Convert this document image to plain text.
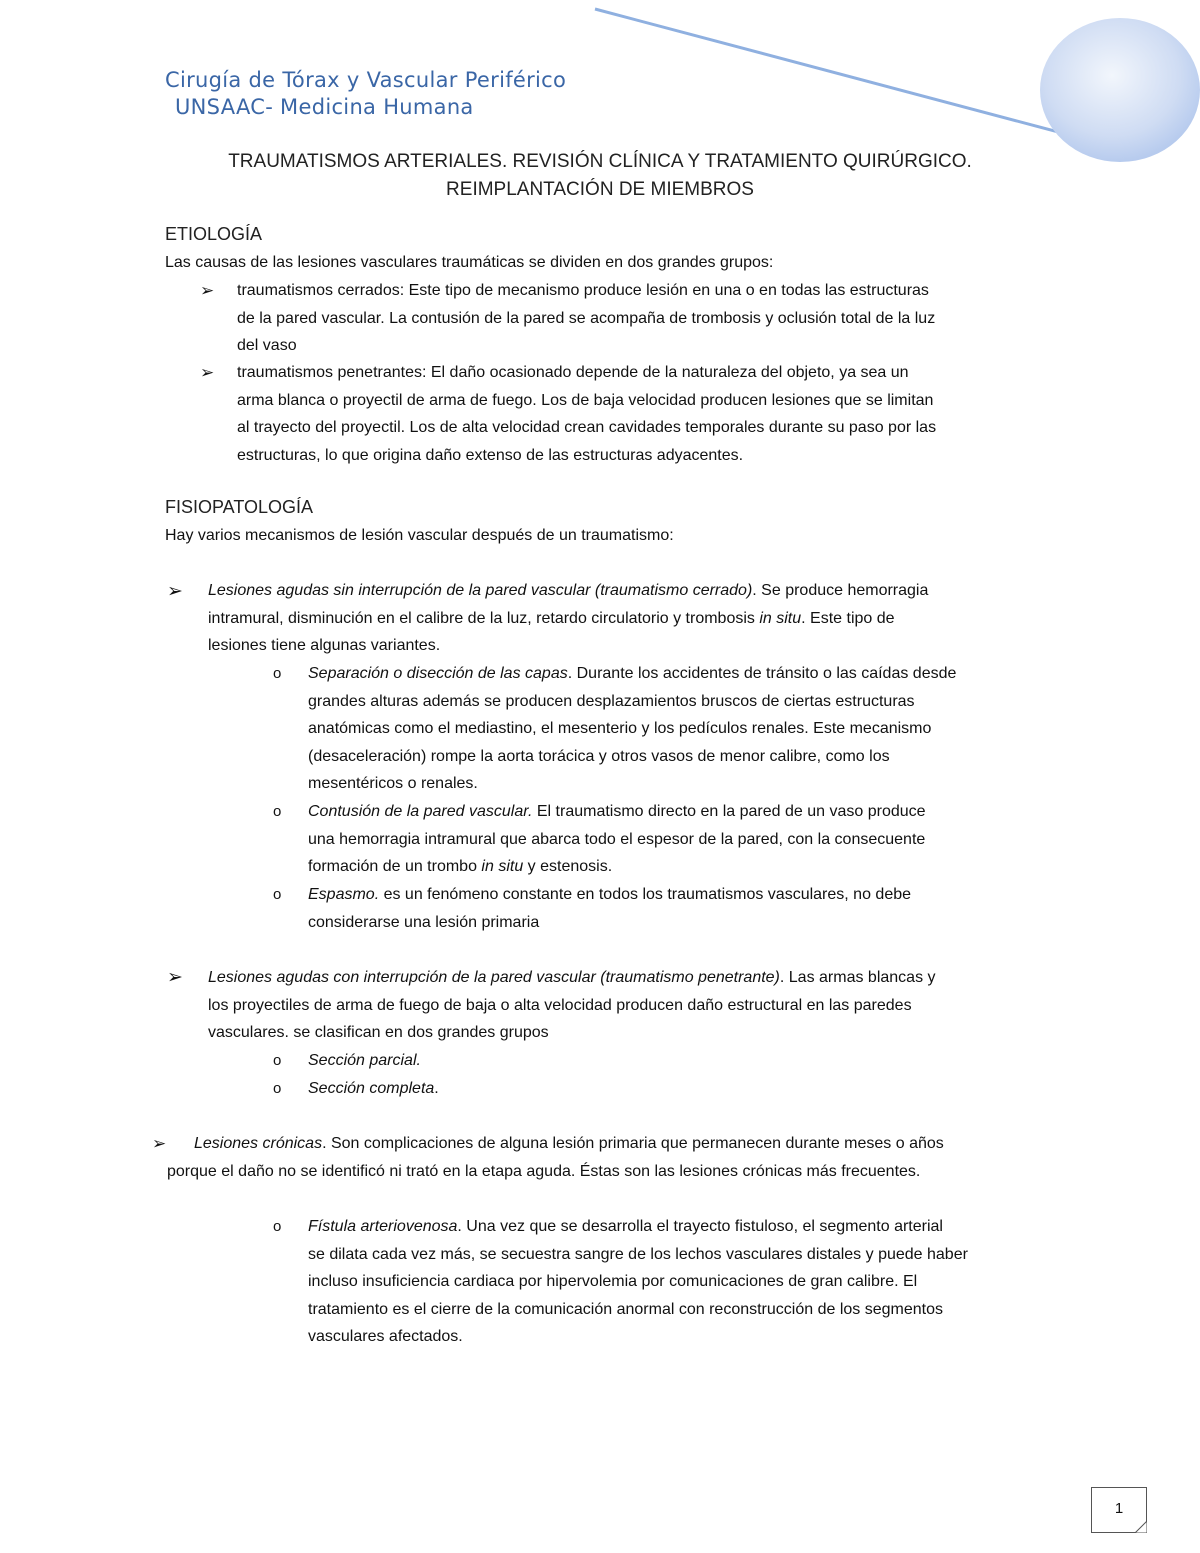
Cirugía de Tórax y Vascular Periférico
UNSAAC- Medicina Humana
TRAUMATISMOS ARTERIALES. REVISIÓN CLÍNICA Y TRATAMIENTO QUIRÚRGICO.
REIMPLANTACIÓN DE MIEMBROS
ETIOLOGÍA
Las causas de las lesiones vasculares traumáticas se dividen en dos grandes grupos:
➢ traumatismos cerrados: Este tipo de mecanismo produce lesión en una o en todas las estructuras
de la pared vascular. La contusión de la pared se acompaña de trombosis y oclusión total de la luz
del vaso
➢ traumatismos penetrantes: El daño ocasionado depende de la naturaleza del objeto, ya sea un
arma blanca o proyectil de arma de fuego. Los de baja velocidad producen lesiones que se limitan
al trayecto del proyectil. Los de alta velocidad crean cavidades temporales durante su paso por las
estructuras, lo que origina daño extenso de las estructuras adyacentes.
FISIOPATOLOGÍA
Hay varios mecanismos de lesión vascular después de un traumatismo:
➢ Lesiones agudas sin interrupción de la pared vascular (traumatismo cerrado). Se produce hemorragia
intramural, disminución en el calibre de la luz, retardo circulatorio y trombosis in situ. Este tipo de
lesiones tiene algunas variantes.
o Separación o disección de las capas. Durante los accidentes de tránsito o las caídas desde
grandes alturas además se producen desplazamientos bruscos de ciertas estructuras
anatómicas como el mediastino, el mesenterio y los pedículos renales. Este mecanismo
(desaceleración) rompe la aorta torácica y otros vasos de menor calibre, como los
mesentéricos o renales.
o Contusión de la pared vascular. El traumatismo directo en la pared de un vaso produce
una hemorragia intramural que abarca todo el espesor de la pared, con la consecuente
formación de un trombo in situ y estenosis.
o Espasmo. es un fenómeno constante en todos los traumatismos vasculares, no debe
considerarse una lesión primaria
➢ Lesiones agudas con interrupción de la pared vascular (traumatismo penetrante). Las armas blancas y
los proyectiles de arma de fuego de baja o alta velocidad producen daño estructural en las paredes
vasculares. se clasifican en dos grandes grupos
o Sección parcial.
o Sección completa.
➢ Lesiones crónicas. Son complicaciones de alguna lesión primaria que permanecen durante meses o años
porque el daño no se identificó ni trató en la etapa aguda. Éstas son las lesiones crónicas más frecuentes.
o Fístula arteriovenosa. Una vez que se desarrolla el trayecto fistuloso, el segmento arterial
se dilata cada vez más, se secuestra sangre de los lechos vasculares distales y puede haber
incluso insuficiencia cardiaca por hipervolemia por comunicaciones de gran calibre. El
tratamiento es el cierre de la comunicación anormal con reconstrucción de los segmentos
vasculares afectados.
1
